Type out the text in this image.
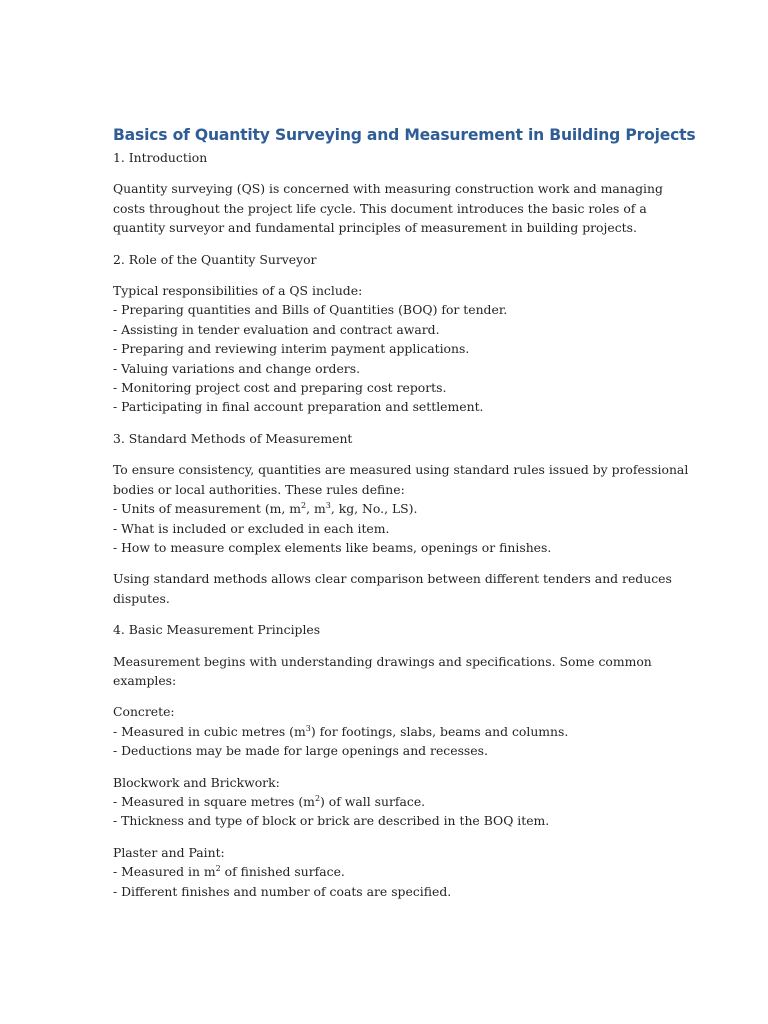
Basics of Quantity Surveying and Measurement in Building Projects
1. Introduction
Quantity surveying (QS) is concerned with measuring construction work and managing
costs throughout the project life cycle. This document introduces the basic roles of a
quantity surveyor and fundamental principles of measurement in building projects.
2. Role of the Quantity Surveyor
Typical responsibilities of a QS include:
- Preparing quantities and Bills of Quantities (BOQ) for tender.
- Assisting in tender evaluation and contract award.
- Preparing and reviewing interim payment applications.
- Valuing variations and change orders.
- Monitoring project cost and preparing cost reports.
- Participating in final account preparation and settlement.
3. Standard Methods of Measurement
To ensure consistency, quantities are measured using standard rules issued by professional
bodies or local authorities. These rules define:
- Units of measurement (m, $m^2$, $m^3$, kg, No., LS).
- What is included or excluded in each item.
- How to measure complex elements like beams, openings or finishes.
Using standard methods allows clear comparison between different tenders and reduces
disputes.
4. Basic Measurement Principles
Measurement begins with understanding drawings and specifications. Some common
examples:
Concrete:
- Measured in cubic metres $(m^3)$ for footings, slabs, beams and columns.
- Deductions may be made for large openings and recesses.
Blockwork and Brickwork:
- Measured in square metres $(m^2)$ of wall surface.
- Thickness and type of block or brick are described in the BOQ item.
Plaster and Paint:
- Measured in $m^2$ of finished surface.
- Different finishes and number of coats are specified.
